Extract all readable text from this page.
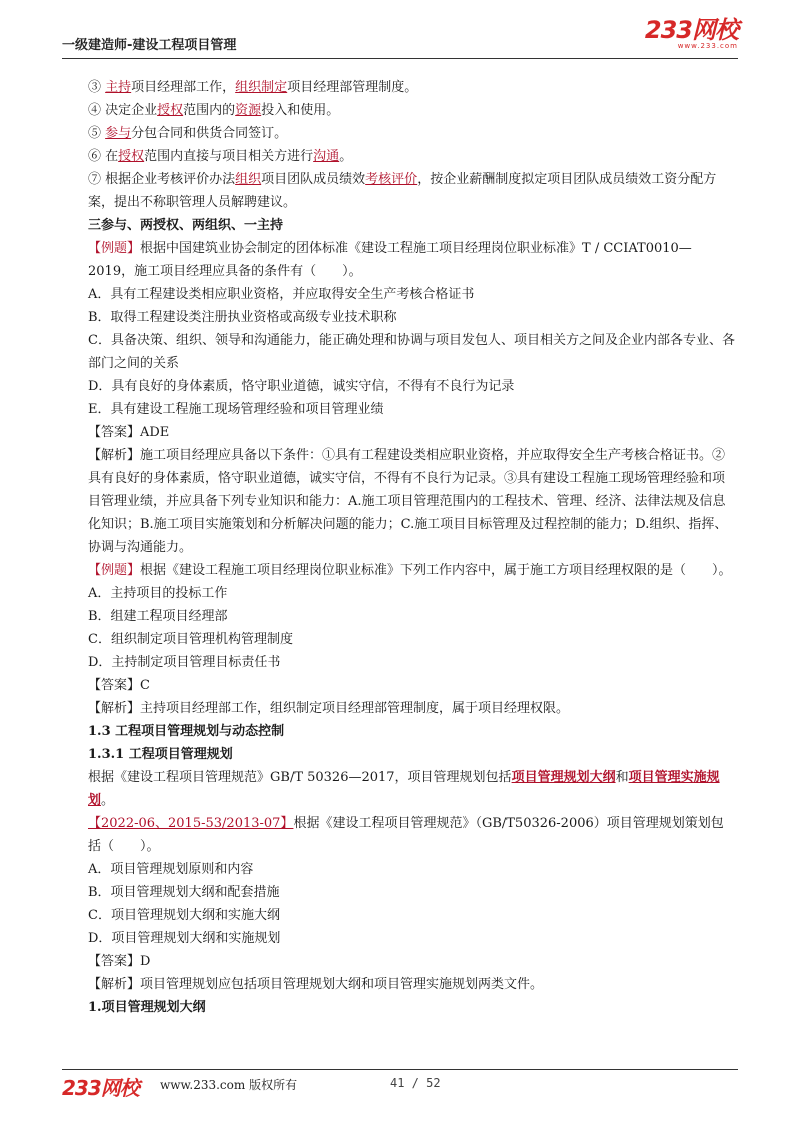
一级建造师-建设工程项目管理
233网校
www.233.com

③ 主持项目经理部工作，组织制定项目经理部管理制度。

④ 决定企业授权范围内的资源投入和使用。

⑤ 参与分包合同和供货合同签订。

⑥ 在授权范围内直接与项目相关方进行沟通。

⑦ 根据企业考核评价办法组织项目团队成员绩效考核评价，按企业薪酬制度拟定项目团队成员绩效工资分配方案，提出不称职管理人员解聘建议。

三参与、两授权、两组织、一主持

【例题】根据中国建筑业协会制定的团体标准《建设工程施工项目经理岗位职业标准》T / CCIAT0010—2019，施工项目经理应具备的条件有（　　）。

A．具有工程建设类相应职业资格，并应取得安全生产考核合格证书

B．取得工程建设类注册执业资格或高级专业技术职称

C．具备决策、组织、领导和沟通能力，能正确处理和协调与项目发包人、项目相关方之间及企业内部各专业、各部门之间的关系

D．具有良好的身体素质，恪守职业道德，诚实守信，不得有不良行为记录

E．具有建设工程施工现场管理经验和项目管理业绩

【答案】ADE

【解析】施工项目经理应具备以下条件：①具有工程建设类相应职业资格，并应取得安全生产考核合格证书。②具有良好的身体素质，恪守职业道德，诚实守信，不得有不良行为记录。③具有建设工程施工现场管理经验和项目管理业绩，并应具备下列专业知识和能力：A.施工项目管理范围内的工程技术、管理、经济、法律法规及信息化知识；B.施工项目实施策划和分析解决问题的能力；C.施工项目目标管理及过程控制的能力；D.组织、指挥、协调与沟通能力。

【例题】根据《建设工程施工项目经理岗位职业标准》下列工作内容中，属于施工方项目经理权限的是（　　）。

A．主持项目的投标工作

B．组建工程项目经理部

C．组织制定项目管理机构管理制度

D．主持制定项目管理目标责任书

【答案】C

【解析】主持项目经理部工作，组织制定项目经理部管理制度，属于项目经理权限。

1.3 工程项目管理规划与动态控制

1.3.1 工程项目管理规划

根据《建设工程项目管理规范》GB/T 50326—2017，项目管理规划包括项目管理规划大纲和项目管理实施规划。

【2022-06、2015-53/2013-07】根据《建设工程项目管理规范》（GB/T50326-2006）项目管理规划策划包括（　　）。

A．项目管理规划原则和内容

B．项目管理规划大纲和配套措施

C．项目管理规划大纲和实施大纲

D．项目管理规划大纲和实施规划

【答案】D

【解析】项目管理规划应包括项目管理规划大纲和项目管理实施规划两类文件。

1.项目管理规划大纲

233网校 www.233.com 版权所有	41 / 52
